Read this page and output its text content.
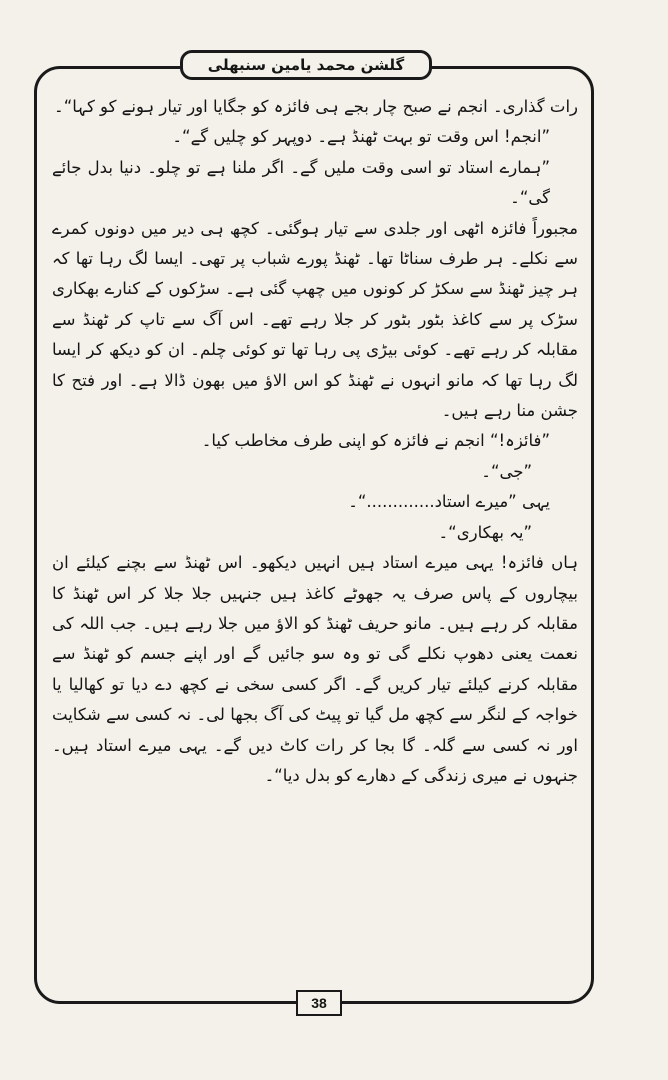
گلشن محمد یامین سنبھلی

رات گذاری۔ انجم نے صبح چار بجے ہی فائزہ کو جگایا اور تیار ہونے کو کہا“۔

”انجم! اس وقت تو بہت ٹھنڈ ہے۔ دوپہر کو چلیں گے“۔

”ہمارے استاد تو اسی وقت ملیں گے۔ اگر ملنا ہے تو چلو۔ دنیا بدل جائے گی“۔

مجبوراً فائزہ اٹھی اور جلدی سے تیار ہوگئی۔ کچھ ہی دیر میں دونوں کمرے سے نکلے۔ ہر طرف سناٹا تھا۔ ٹھنڈ پورے شباب پر تھی۔ ایسا لگ رہا تھا کہ ہر چیز ٹھنڈ سے سکڑ کر کونوں میں چھپ گئی ہے۔ سڑکوں کے کنارے بھکاری سڑک پر سے کاغذ بٹور بٹور کر جلا رہے تھے۔ اس آگ سے تاپ کر ٹھنڈ سے مقابلہ کر رہے تھے۔ کوئی بیڑی پی رہا تھا تو کوئی چلم۔ ان کو دیکھ کر ایسا لگ رہا تھا کہ مانو انہوں نے ٹھنڈ کو اس الاؤ میں بھون ڈالا ہے۔ اور فتح کا جشن منا رہے ہیں۔

”فائزہ!“ انجم نے فائزہ کو اپنی طرف مخاطب کیا۔

”جی“۔

یہی ”میرے استاد.............“۔

”یہ بھکاری“۔

ہاں فائزہ! یہی میرے استاد ہیں انہیں دیکھو۔ اس ٹھنڈ سے بچنے کیلئے ان بیچاروں کے پاس صرف یہ جھوٹے کاغذ ہیں جنہیں جلا جلا کر اس ٹھنڈ کا مقابلہ کر رہے ہیں۔ مانو حریف ٹھنڈ کو الاؤ میں جلا رہے ہیں۔ جب اللہ کی نعمت یعنی دھوپ نکلے گی تو وہ سو جائیں گے اور اپنے جسم کو ٹھنڈ سے مقابلہ کرنے کیلئے تیار کریں گے۔ اگر کسی سخی نے کچھ دے دیا تو کھالیا یا خواجہ کے لنگر سے کچھ مل گیا تو پیٹ کی آگ بجھا لی۔ نہ کسی سے شکایت اور نہ کسی سے گلہ۔ گا بجا کر رات کاٹ دیں گے۔ یہی میرے استاد ہیں۔ جنہوں نے میری زندگی کے دھارے کو بدل دیا“۔

38
